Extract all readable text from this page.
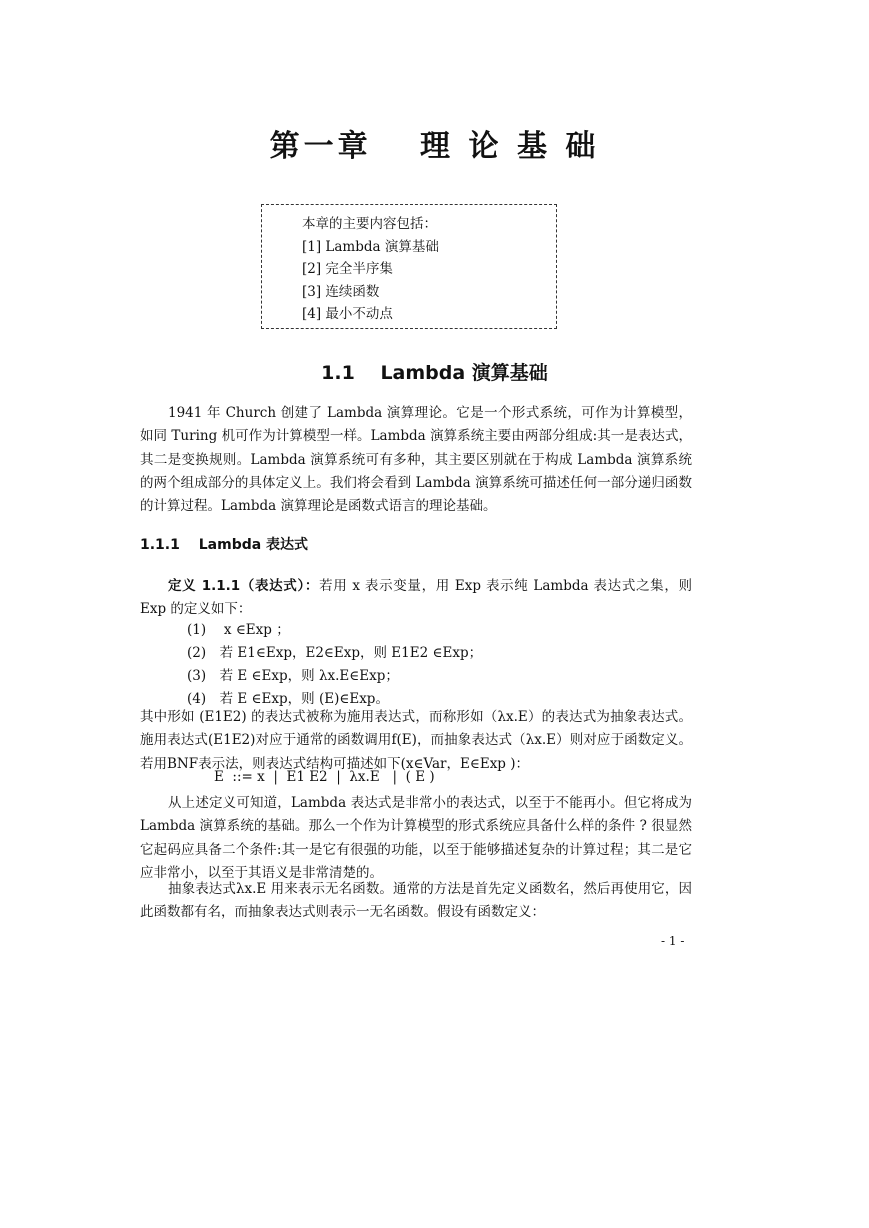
第一章　 理 论 基 础
本章的主要内容包括：
[1] Lambda 演算基础
[2] 完全半序集
[3] 连续函数
[4] 最小不动点
1.1　 Lambda 演算基础

1941 年 Church 创建了 Lambda 演算理论。它是一个形式系统，可作为计算模型，如同 Turing 机可作为计算模型一样。Lambda 演算系统主要由两部分组成:其一是表达式，其二是变换规则。Lambda 演算系统可有多种，其主要区别就在于构成 Lambda 演算系统的两个组成部分的具体定义上。我们将会看到 Lambda 演算系统可描述任何一部分递归函数的计算过程。Lambda 演算理论是函数式语言的理论基础。

1.1.1　 Lambda 表达式

定义 1.1.1（表达式）：若用 x 表示变量，用 Exp 表示纯 Lambda 表达式之集，则 Exp 的定义如下：

(1)　 x ∈Exp ；
(2)　若 E1∈Exp，E2∈Exp，则 E1E2 ∈Exp；
(3)　若 E ∈Exp，则 λx.E∈Exp；
(4)　若 E ∈Exp，则 (E)∈Exp。

其中形如 (E1E2) 的表达式被称为施用表达式，而称形如（λx.E）的表达式为抽象表达式。施用表达式(E1E2)对应于通常的函数调用f(E)，而抽象表达式（λx.E）则对应于函数定义。若用BNF表示法，则表达式结构可描述如下(x∈Var，E∈Exp )：

E  ::= x  |  E1 E2  |  λx.E   |  ( E )

从上述定义可知道，Lambda 表达式是非常小的表达式，以至于不能再小。但它将成为 Lambda 演算系统的基础。那么一个作为计算模型的形式系统应具备什么样的条件 ? 很显然它起码应具备二个条件:其一是它有很强的功能，以至于能够描述复杂的计算过程；其二是它应非常小，以至于其语义是非常清楚的。

抽象表达式λx.E 用来表示无名函数。通常的方法是首先定义函数名，然后再使用它，因此函数都有名，而抽象表达式则表示一无名函数。假设有函数定义：

- 1 -
